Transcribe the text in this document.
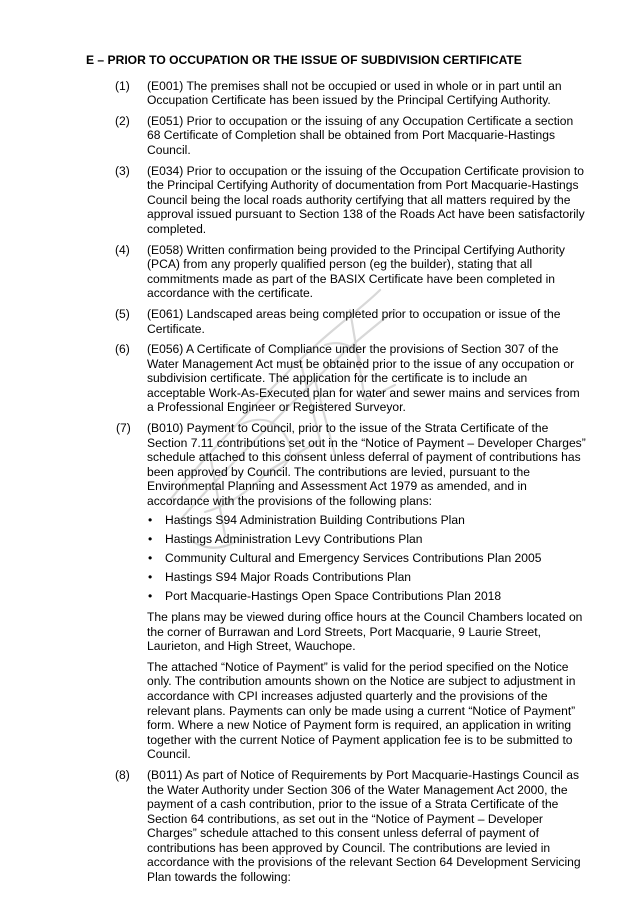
E – PRIOR TO OCCUPATION OR THE ISSUE OF SUBDIVISION CERTIFICATE
(1) (E001) The premises shall not be occupied or used in whole or in part until an Occupation Certificate has been issued by the Principal Certifying Authority.

(2) (E051) Prior to occupation or the issuing of any Occupation Certificate a section 68 Certificate of Completion shall be obtained from Port Macquarie-Hastings Council.

(3) (E034) Prior to occupation or the issuing of the Occupation Certificate provision to the Principal Certifying Authority of documentation from Port Macquarie-Hastings Council being the local roads authority certifying that all matters required by the approval issued pursuant to Section 138 of the Roads Act have been satisfactorily completed.

(4) (E058) Written confirmation being provided to the Principal Certifying Authority (PCA) from any properly qualified person (eg the builder), stating that all commitments made as part of the BASIX Certificate have been completed in accordance with the certificate.

(5) (E061) Landscaped areas being completed prior to occupation or issue of the Certificate.

(6) (E056) A Certificate of Compliance under the provisions of Section 307 of the Water Management Act must be obtained prior to the issue of any occupation or subdivision certificate. The application for the certificate is to include an acceptable Work-As-Executed plan for water and sewer mains and services from a Professional Engineer or Registered Surveyor.

(7) (B010) Payment to Council, prior to the issue of the Strata Certificate of the Section 7.11 contributions set out in the “Notice of Payment – Developer Charges” schedule attached to this consent unless deferral of payment of contributions has been approved by Council. The contributions are levied, pursuant to the Environmental Planning and Assessment Act 1979 as amended, and in accordance with the provisions of the following plans:

• Hastings S94 Administration Building Contributions Plan
• Hastings Administration Levy Contributions Plan
• Community Cultural and Emergency Services Contributions Plan 2005
• Hastings S94 Major Roads Contributions Plan
• Port Macquarie-Hastings Open Space Contributions Plan 2018

The plans may be viewed during office hours at the Council Chambers located on the corner of Burrawan and Lord Streets, Port Macquarie, 9 Laurie Street, Laurieton, and High Street, Wauchope.

The attached “Notice of Payment” is valid for the period specified on the Notice only. The contribution amounts shown on the Notice are subject to adjustment in accordance with CPI increases adjusted quarterly and the provisions of the relevant plans. Payments can only be made using a current “Notice of Payment” form. Where a new Notice of Payment form is required, an application in writing together with the current Notice of Payment application fee is to be submitted to Council.

(8) (B011) As part of Notice of Requirements by Port Macquarie-Hastings Council as the Water Authority under Section 306 of the Water Management Act 2000, the payment of a cash contribution, prior to the issue of a Strata Certificate of the Section 64 contributions, as set out in the “Notice of Payment – Developer Charges” schedule attached to this consent unless deferral of payment of contributions has been approved by Council. The contributions are levied in accordance with the provisions of the relevant Section 64 Development Servicing Plan towards the following:
